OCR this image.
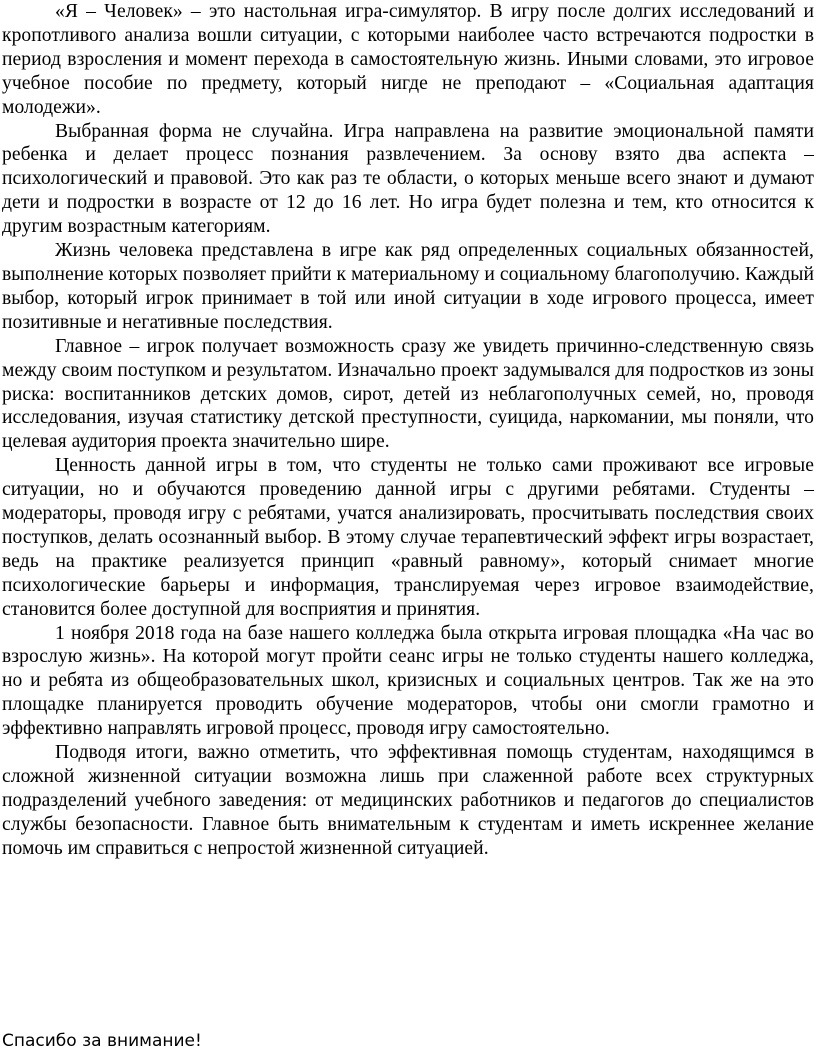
«Я – Человек» – это настольная игра-симулятор. В игру после долгих исследований и кропотливого анализа вошли ситуации, с которыми наиболее часто встречаются подростки в период взросления и момент перехода в самостоятельную жизнь. Иными словами, это игровое учебное пособие по предмету, который нигде не преподают – «Социальная адаптация молодежи».

Выбранная форма не случайна. Игра направлена на развитие эмоциональной памяти ребенка и делает процесс познания развлечением. За основу взято два аспекта – психологический и правовой. Это как раз те области, о которых меньше всего знают и думают дети и подростки в возрасте от 12 до 16 лет. Но игра будет полезна и тем, кто относится к другим возрастным категориям.

Жизнь человека представлена в игре как ряд определенных социальных обязанностей, выполнение которых позволяет прийти к материальному и социальному благополучию. Каждый выбор, который игрок принимает в той или иной ситуации в ходе игрового процесса, имеет позитивные и негативные последствия.

Главное – игрок получает возможность сразу же увидеть причинно-следственную связь между своим поступком и результатом. Изначально проект задумывался для подростков из зоны риска: воспитанников детских домов, сирот, детей из неблагополучных семей, но, проводя исследования, изучая статистику детской преступности, суицида, наркомании, мы поняли, что целевая аудитория проекта значительно шире.

Ценность данной игры в том, что студенты не только сами проживают все игровые ситуации, но и обучаются проведению данной игры с другими ребятами. Студенты – модераторы, проводя игру с ребятами, учатся анализировать, просчитывать последствия своих поступков, делать осознанный выбор. В этому случае терапевтический эффект игры возрастает, ведь на практике реализуется принцип «равный равному», который снимает многие психологические барьеры и информация, транслируемая через игровое взаимодействие, становится более доступной для восприятия и принятия.

1 ноября 2018 года на базе нашего колледжа была открыта игровая площадка «На час во взрослую жизнь». На которой могут пройти сеанс игры не только студенты нашего колледжа, но и ребята из общеобразовательных школ, кризисных и социальных центров. Так же на это площадке планируется проводить обучение модераторов, чтобы они смогли грамотно и эффективно направлять игровой процесс, проводя игру самостоятельно.

Подводя итоги, важно отметить, что эффективная помощь студентам, находящимся в сложной жизненной ситуации возможна лишь при слаженной работе всех структурных подразделений учебного заведения: от медицинских работников и педагогов до специалистов службы безопасности. Главное быть внимательным к студентам и иметь искреннее желание помочь им справиться с непростой жизненной ситуацией.

Спасибо за внимание!
